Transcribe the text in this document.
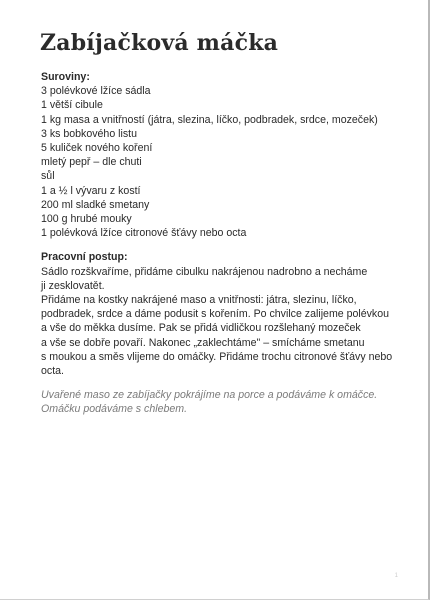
Zabíjačková máčka

Suroviny:

3 polévkové lžíce sádla

1 větší cibule

1 kg masa a vnitřností (játra, slezina, líčko, podbradek, srdce, mozeček)

3 ks bobkového listu

5 kuliček nového koření

mletý pepř – dle chuti

sůl

1 a ½ l vývaru z kostí

200 ml sladké smetany

100 g hrubé mouky

1 polévková lžíce citronové šťávy nebo octa

Pracovní postup:

Sádlo rozškvaříme, přidáme cibulku nakrájenou nadrobno a necháme

ji zesklovatět.

Přidáme na kostky nakrájené maso a vnitřnosti: játra, slezinu, líčko,

podbradek, srdce a dáme podusit s kořením. Po chvilce zalijeme polévkou

a vše do měkka dusíme. Pak se přidá vidličkou rozšlehaný mozeček

a vše se dobře povaří. Nakonec „zaklechtáme" – smícháme smetanu

s moukou a směs vlijeme do omáčky. Přidáme trochu citronové šťávy nebo

octa.

Uvařené maso ze zabíjačky pokrájíme na porce a podáváme k omáčce.

Omáčku podáváme s chlebem.

1
